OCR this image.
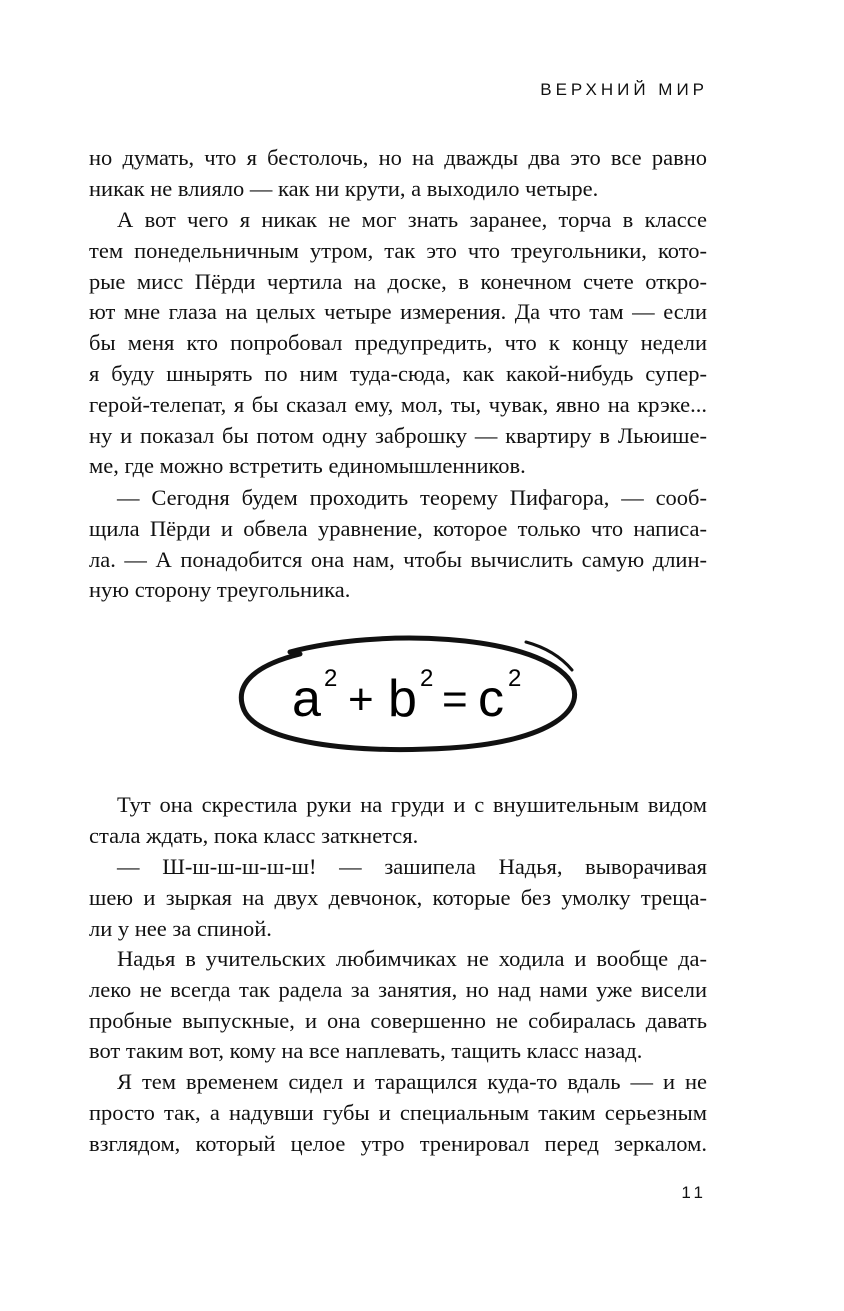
ВЕРХНИЙ МИР

но думать, что я бестолочь, но на дважды два это все равно
никак не влияло — как ни крути, а выходило четыре.
А вот чего я никак не мог знать заранее, торча в классе
тем понедельничным утром, так это что треугольники, кото-
рые мисс Пёрди чертила на доске, в конечном счете откро-
ют мне глаза на целых четыре измерения. Да что там — если
бы меня кто попробовал предупредить, что к концу недели
я буду шнырять по ним туда-сюда, как какой-нибудь супер-
герой-телепат, я бы сказал ему, мол, ты, чувак, явно на крэке...
ну и показал бы потом одну заброшку — квартиру в Льюише-
ме, где можно встретить единомышленников.
— Сегодня будем проходить теорему Пифагора, — сооб-
щила Пёрди и обвела уравнение, которое только что написа-
ла. — А понадобится она нам, чтобы вычислить самую длин-
ную сторону треугольника.
a 2 + b 2 = c 2
Тут она скрестила руки на груди и с внушительным видом
стала ждать, пока класс заткнется.
— Ш-ш-ш-ш-ш-ш! — зашипела Надья, выворачивая
шею и зыркая на двух девчонок, которые без умолку треща-
ли у нее за спиной.
Надья в учительских любимчиках не ходила и вообще да-
леко не всегда так радела за занятия, но над нами уже висели
пробные выпускные, и она совершенно не собиралась давать
вот таким вот, кому на все наплевать, тащить класс назад.
Я тем временем сидел и таращился куда-то вдаль — и не
просто так, а надувши губы и специальным таким серьезным
взглядом, который целое утро тренировал перед зеркалом.

11
